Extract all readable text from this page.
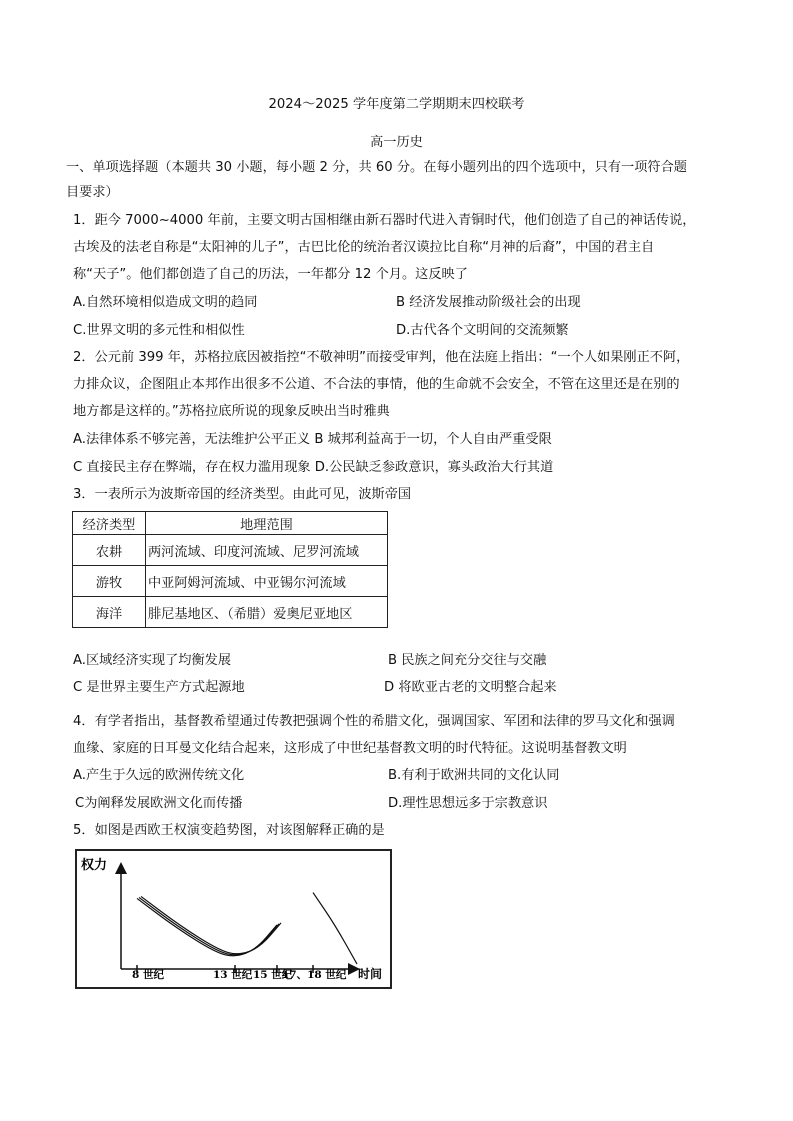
2024～2025 学年度第二学期期末四校联考
高一历史
一、单项选择题（本题共 30 小题，每小题 2 分，共 60 分。在每小题列出的四个选项中，只有一项符合题
目要求）
1．距今 7000~4000 年前，主要文明古国相继由新石器时代进入青铜时代，他们创造了自己的神话传说，
古埃及的法老自称是“太阳神的儿子”，古巴比伦的统治者汉谟拉比自称“月神的后裔”，中国的君主自
称“天子”。他们都创造了自己的历法，一年都分 12 个月。这反映了
A.自然环境相似造成文明的趋同	B 经济发展推动阶级社会的出现
C.世界文明的多元性和相似性	D.古代各个文明间的交流频繁
2．公元前 399 年，苏格拉底因被指控“不敬神明”而接受审判，他在法庭上指出：“一个人如果刚正不阿，
力排众议，企图阻止本邦作出很多不公道、不合法的事情，他的生命就不会安全，不管在这里还是在别的
地方都是这样的。”苏格拉底所说的现象反映出当时雅典
A.法律体系不够完善，无法维护公平正义 B 城邦利益高于一切，个人自由严重受限
C 直接民主存在弊端，存在权力滥用现象 D.公民缺乏参政意识，寡头政治大行其道
3．一表所示为波斯帝国的经济类型。由此可见，波斯帝国
经济类型	地理范围
农耕	两河流域、印度河流域、尼罗河流域
游牧	中亚阿姆河流域、中亚锡尔河流域
海洋	腓尼基地区、（希腊）爱奥尼亚地区
A.区域经济实现了均衡发展	B 民族之间充分交往与交融
C 是世界主要生产方式起源地	D 将欧亚古老的文明整合起来
4．有学者指出，基督教希望通过传教把强调个性的希腊文化，强调国家、军团和法律的罗马文化和强调
血缘、家庭的日耳曼文化结合起来，这形成了中世纪基督教文明的时代特征。这说明基督教文明
A.产生于久远的欧洲传统文化	B.有利于欧洲共同的文化认同
C为阐释发展欧洲文化而传播	D.理性思想远多于宗教意识
5．如图是西欧王权演变趋势图，对该图解释正确的是
权力
时间
8 世纪	13 世纪 15 世纪
17、18 世纪
